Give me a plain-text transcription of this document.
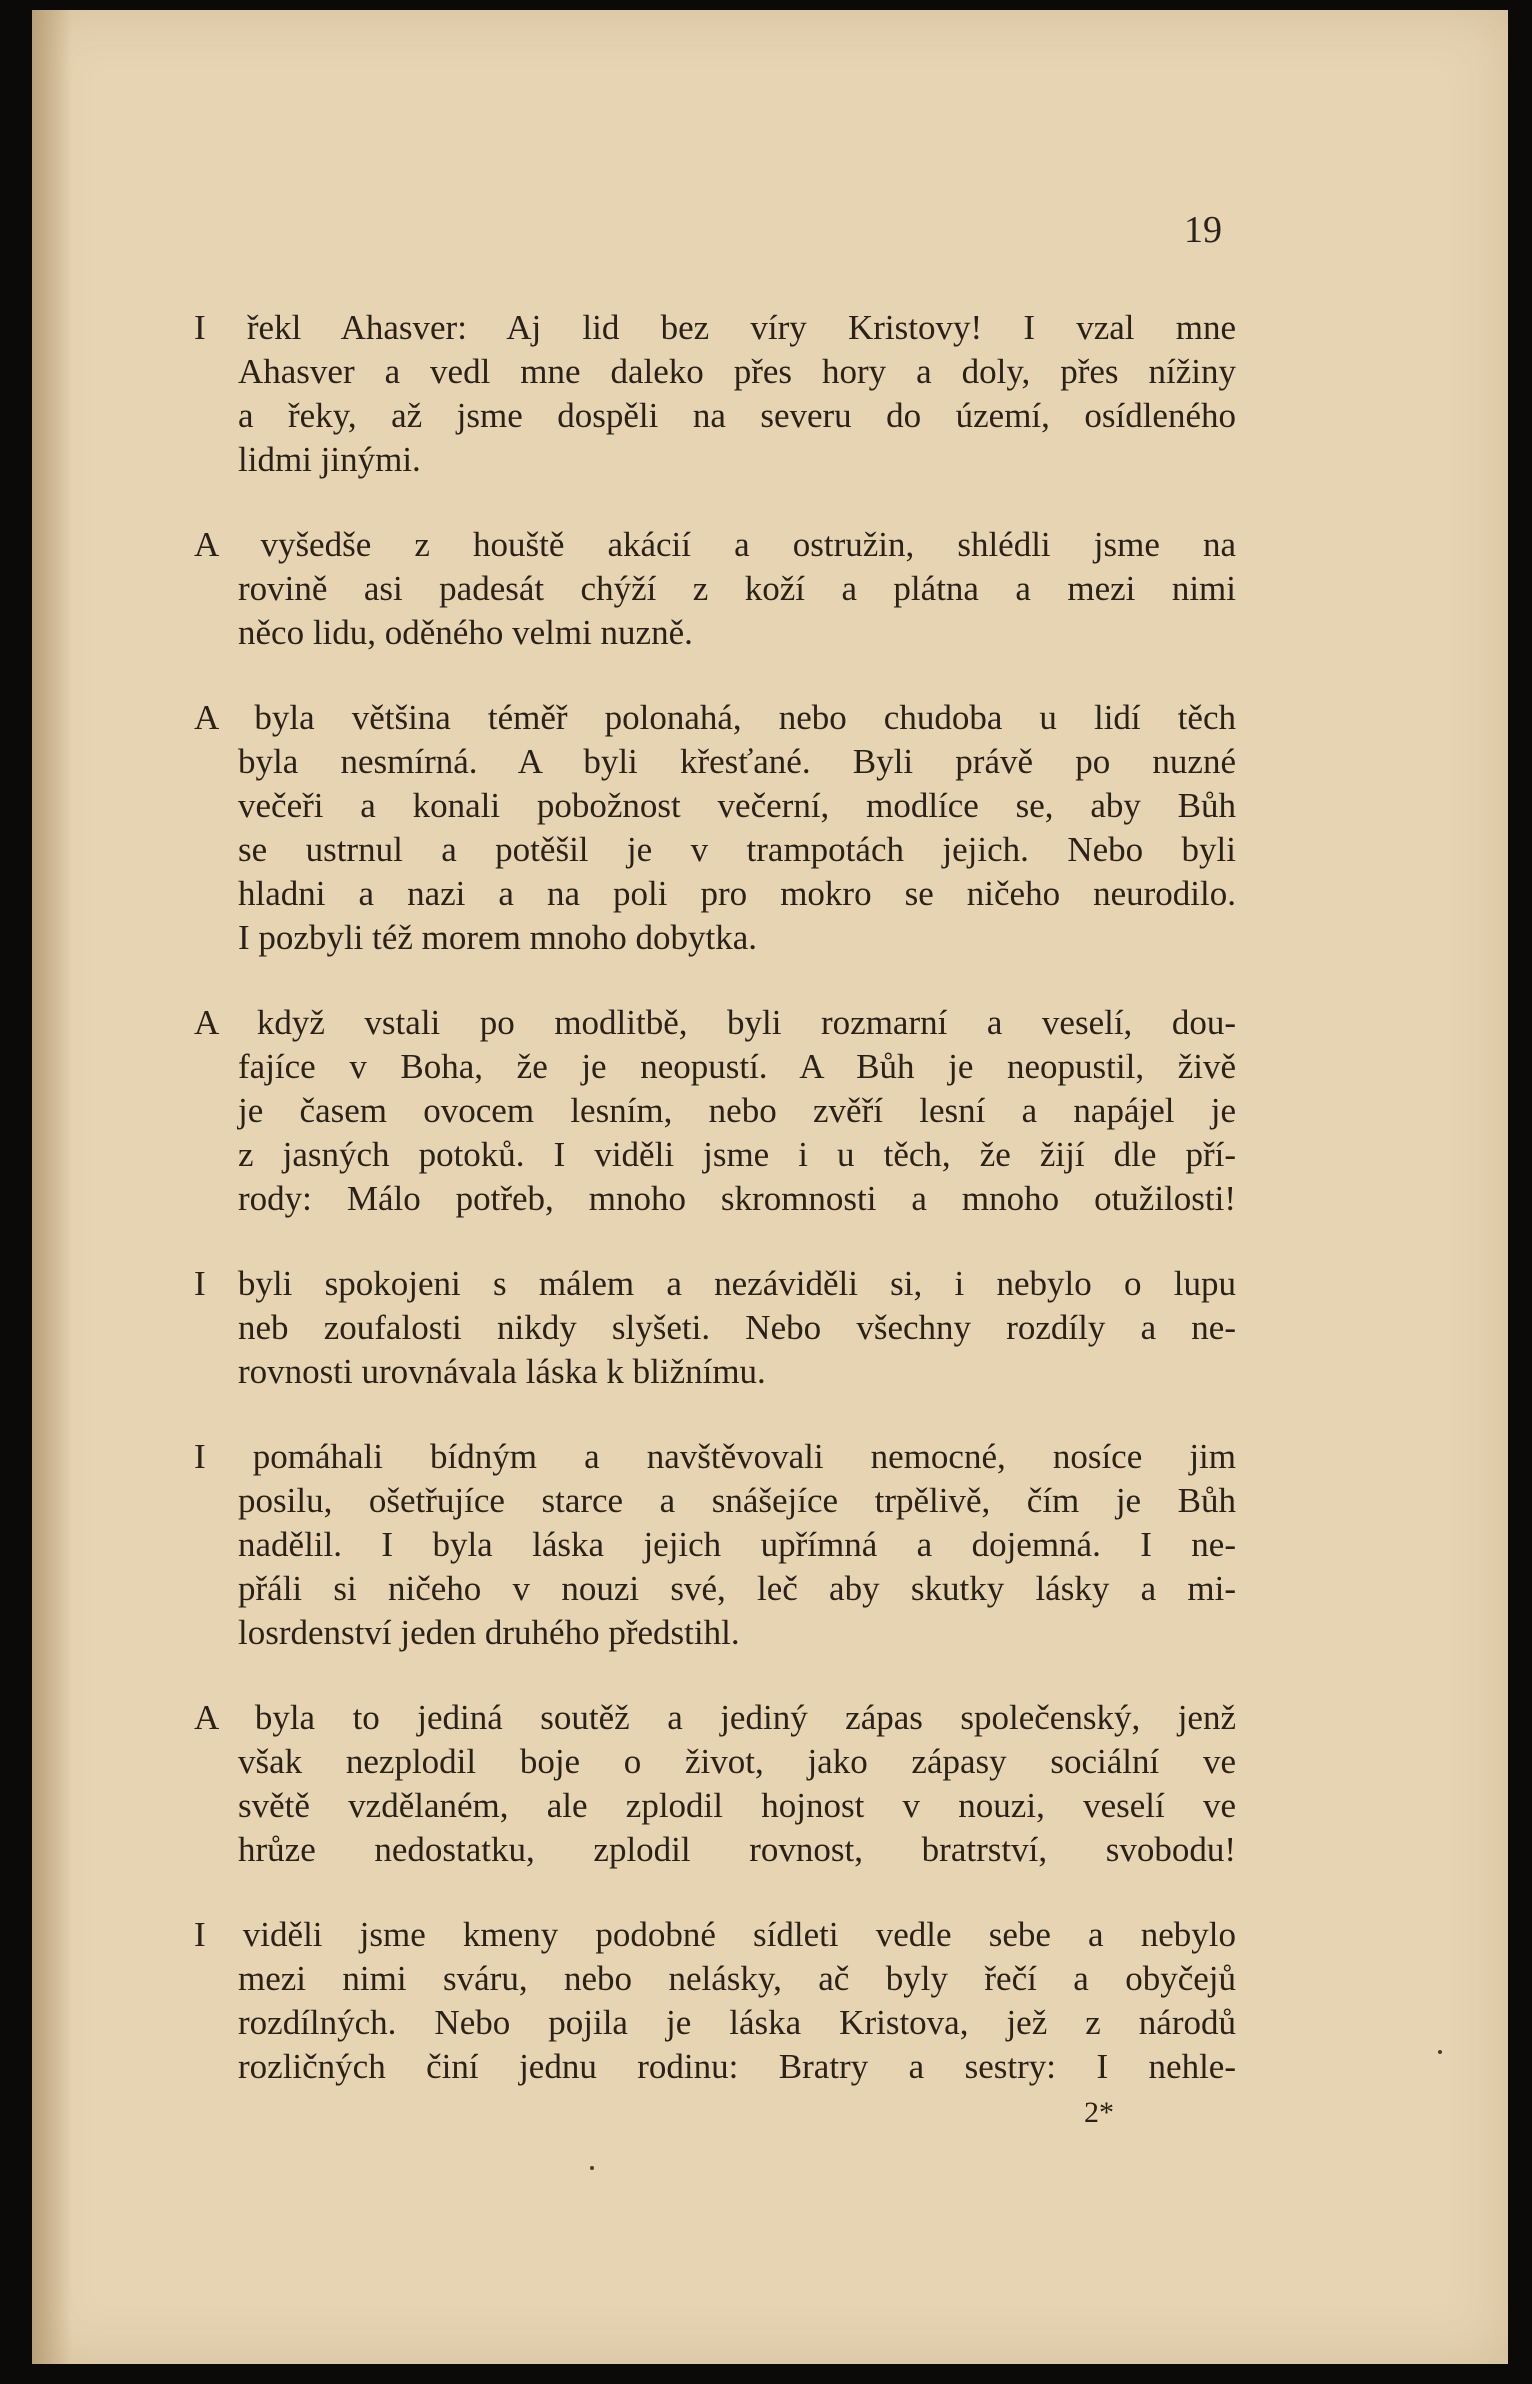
19

I řekl Ahasver: Aj lid bez víry Kristovy! I vzal mne
Ahasver a vedl mne daleko přes hory a doly, přes nížiny
a řeky, až jsme dospěli na severu do území, osídleného
lidmi jinými.

A vyšedše z houště akácií a ostružin, shlédli jsme na
rovině asi padesát chýží z koží a plátna a mezi nimi
něco lidu, oděného velmi nuzně.

A byla většina téměř polonahá, nebo chudoba u lidí těch
byla nesmírná. A byli křesťané. Byli právě po nuzné
večeři a konali pobožnost večerní, modlíce se, aby Bůh
se ustrnul a potěšil je v trampotách jejich. Nebo byli
hladni a nazi a na poli pro mokro se ničeho neurodilo.
I pozbyli též morem mnoho dobytka.

A když vstali po modlitbě, byli rozmarní a veselí, dou-
fajíce v Boha, že je neopustí. A Bůh je neopustil, živě
je časem ovocem lesním, nebo zvěří lesní a napájel je
z jasných potoků. I viděli jsme i u těch, že žijí dle pří-
rody: Málo potřeb, mnoho skromnosti a mnoho otužilosti!

I byli spokojeni s málem a nezáviděli si, i nebylo o lupu
neb zoufalosti nikdy slyšeti. Nebo všechny rozdíly a ne-
rovnosti urovnávala láska k bližnímu.

I pomáhali bídným a navštěvovali nemocné, nosíce jim
posilu, ošetřujíce starce a snášejíce trpělivě, čím je Bůh
nadělil. I byla láska jejich upřímná a dojemná. I ne-
přáli si ničeho v nouzi své, leč aby skutky lásky a mi-
losrdenství jeden druhého předstihl.

A byla to jediná soutěž a jediný zápas společenský, jenž
však nezplodil boje o život, jako zápasy sociální ve
světě vzdělaném, ale zplodil hojnost v nouzi, veselí ve
hrůze nedostatku, zplodil rovnost, bratrství, svobodu!

I viděli jsme kmeny podobné sídleti vedle sebe a nebylo
mezi nimi sváru, nebo nelásky, ač byly řečí a obyčejů
rozdílných. Nebo pojila je láska Kristova, jež z národů
rozličných činí jednu rodinu: Bratry a sestry: I nehle-

2*
